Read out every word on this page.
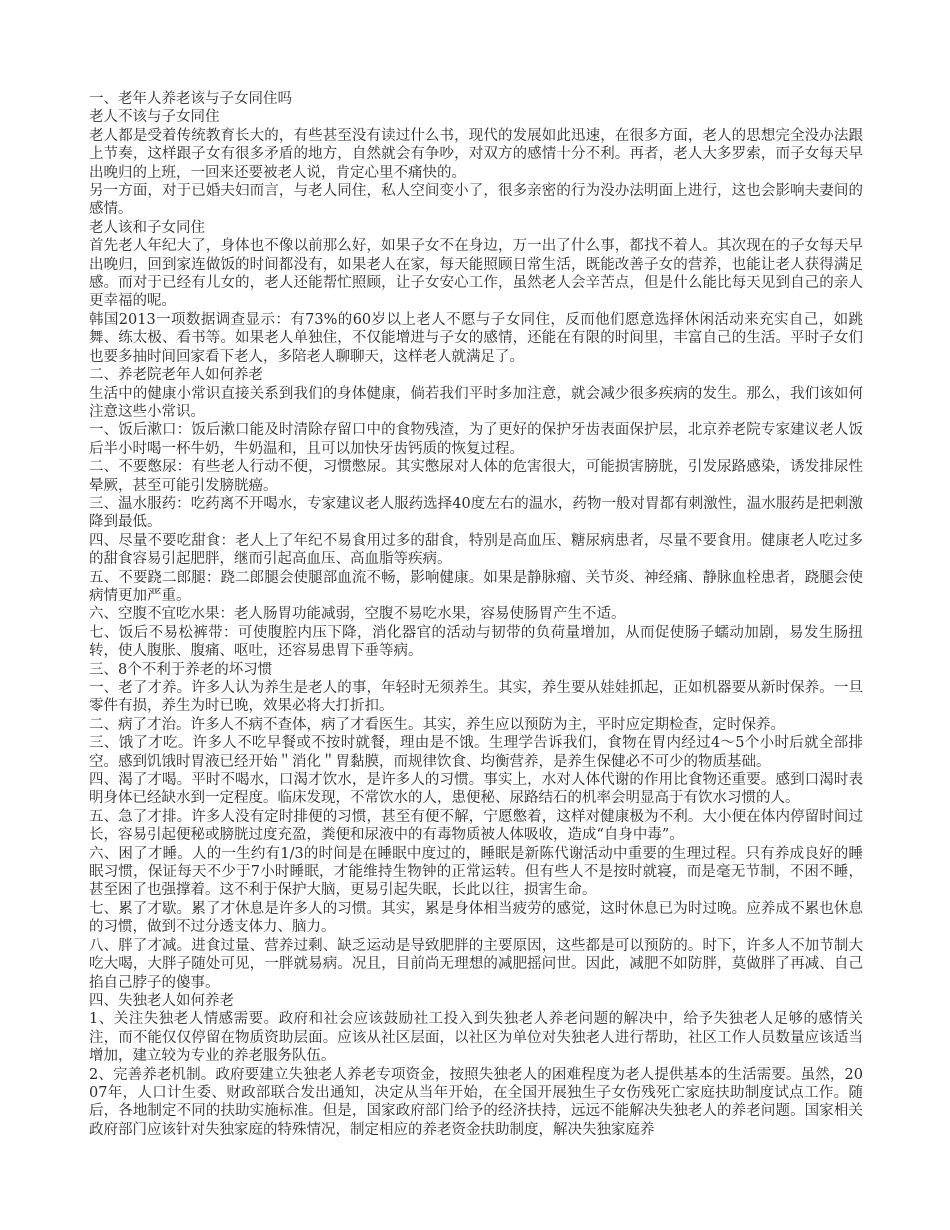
一、老年人养老该与子女同住吗

老人不该与子女同住

老人都是受着传统教育长大的，有些甚至没有读过什么书，现代的发展如此迅速，在很多方面，老人的思想完全没办法跟上节奏，这样跟子女有很多矛盾的地方，自然就会有争吵，对双方的感情十分不利。再者，老人大多罗索，而子女每天早出晚归的上班，一回来还要被老人说，肯定心里不痛快的。

另一方面，对于已婚夫妇而言，与老人同住，私人空间变小了，很多亲密的行为没办法明面上进行，这也会影响夫妻间的感情。

老人该和子女同住

首先老人年纪大了，身体也不像以前那么好，如果子女不在身边，万一出了什么事，都找不着人。其次现在的子女每天早出晚归，回到家连做饭的时间都没有，如果老人在家，每天能照顾日常生活，既能改善子女的营养，也能让老人获得满足感。而对于已经有儿女的，老人还能帮忙照顾，让子女安心工作，虽然老人会辛苦点，但是什么能比每天见到自己的亲人更幸福的呢。

韩国2013一项数据调查显示：有73%的60岁以上老人不愿与子女同住，反而他们愿意选择休闲活动来充实自己，如跳舞、练太极、看书等。如果老人单独住，不仅能增进与子女的感情，还能在有限的时间里，丰富自己的生活。平时子女们也要多抽时间回家看下老人，多陪老人聊聊天，这样老人就满足了。

二、养老院老年人如何养老

生活中的健康小常识直接关系到我们的身体健康，倘若我们平时多加注意，就会减少很多疾病的发生。那么，我们该如何注意这些小常识。

一、饭后漱口：饭后漱口能及时清除存留口中的食物残渣，为了更好的保护牙齿表面保护层，北京养老院专家建议老人饭后半小时喝一杯牛奶，牛奶温和，且可以加快牙齿钙质的恢复过程。

二、不要憋尿：有些老人行动不便，习惯憋尿。其实憋尿对人体的危害很大，可能损害膀胱，引发尿路感染，诱发排尿性晕厥，甚至可能引发膀胱癌。

三、温水服药：吃药离不开喝水，专家建议老人服药选择40度左右的温水，药物一般对胃都有刺激性，温水服药是把刺激降到最低。

四、尽量不要吃甜食：老人上了年纪不易食用过多的甜食，特别是高血压、糖尿病患者，尽量不要食用。健康老人吃过多的甜食容易引起肥胖，继而引起高血压、高血脂等疾病。

五、不要跷二郎腿：跷二郎腿会使腿部血流不畅，影响健康。如果是静脉瘤、关节炎、神经痛、静脉血栓患者，跷腿会使病情更加严重。

六、空腹不宜吃水果：老人肠胃功能减弱，空腹不易吃水果，容易使肠胃产生不适。

七、饭后不易松裤带：可使腹腔内压下降，消化器官的活动与韧带的负荷量增加，从而促使肠子蠕动加剧，易发生肠扭转，使人腹胀、腹痛、呕吐，还容易患胃下垂等病。

三、8个不利于养老的坏习惯

一、老了才养。许多人认为养生是老人的事，年轻时无须养生。其实，养生要从娃娃抓起，正如机器要从新时保养。一旦零件有损，养生为时已晚，效果必将大打折扣。

二、病了才治。许多人不病不查体，病了才看医生。其实，养生应以预防为主，平时应定期检查，定时保养。

三、饿了才吃。许多人不吃早餐或不按时就餐，理由是不饿。生理学告诉我们，食物在胃内经过4～5个小时后就全部排空。感到饥饿时胃液已经开始＂消化＂胃黏膜，而规律饮食、均衡营养，是养生保健必不可少的物质基础。

四、渴了才喝。平时不喝水，口渴才饮水，是许多人的习惯。事实上，水对人体代谢的作用比食物还重要。感到口渴时表明身体已经缺水到一定程度。临床发现，不常饮水的人，患便秘、尿路结石的机率会明显高于有饮水习惯的人。

五、急了才排。许多人没有定时排便的习惯，甚至有便不解，宁愿憋着，这样对健康极为不利。大小便在体内停留时间过长，容易引起便秘或膀胱过度充盈，粪便和尿液中的有毒物质被人体吸收，造成“自身中毒”。

六、困了才睡。人的一生约有1/3的时间是在睡眠中度过的，睡眠是新陈代谢活动中重要的生理过程。只有养成良好的睡眠习惯，保证每天不少于7小时睡眠，才能维持生物钟的正常运转。但有些人不是按时就寝，而是毫无节制，不困不睡，甚至困了也强撑着。这不利于保护大脑，更易引起失眠，长此以往，损害生命。

七、累了才歇。累了才休息是许多人的习惯。其实，累是身体相当疲劳的感觉，这时休息已为时过晚。应养成不累也休息的习惯，做到不过分透支体力、脑力。

八、胖了才减。进食过量、营养过剩、缺乏运动是导致肥胖的主要原因，这些都是可以预防的。时下，许多人不加节制大吃大喝，大胖子随处可见，一胖就易病。况且，目前尚无理想的减肥摇问世。因此，减肥不如防胖，莫做胖了再减、自己掐自己脖子的傻事。

四、失独老人如何养老

1、关注失独老人情感需要。政府和社会应该鼓励社工投入到失独老人养老问题的解决中，给予失独老人足够的感情关注，而不能仅仅停留在物质资助层面。应该从社区层面，以社区为单位对失独老人进行帮助，社区工作人员数量应该适当增加，建立较为专业的养老服务队伍。

2、完善养老机制。政府要建立失独老人养老专项资金，按照失独老人的困难程度为老人提供基本的生活需要。虽然，2007年，人口计生委、财政部联合发出通知，决定从当年开始，在全国开展独生子女伤残死亡家庭扶助制度试点工作。随后，各地制定不同的扶助实施标准。但是，国家政府部门给予的经济扶持，远远不能解决失独老人的养老问题。国家相关政府部门应该针对失独家庭的特殊情况，制定相应的养老资金扶助制度，解决失独家庭养
